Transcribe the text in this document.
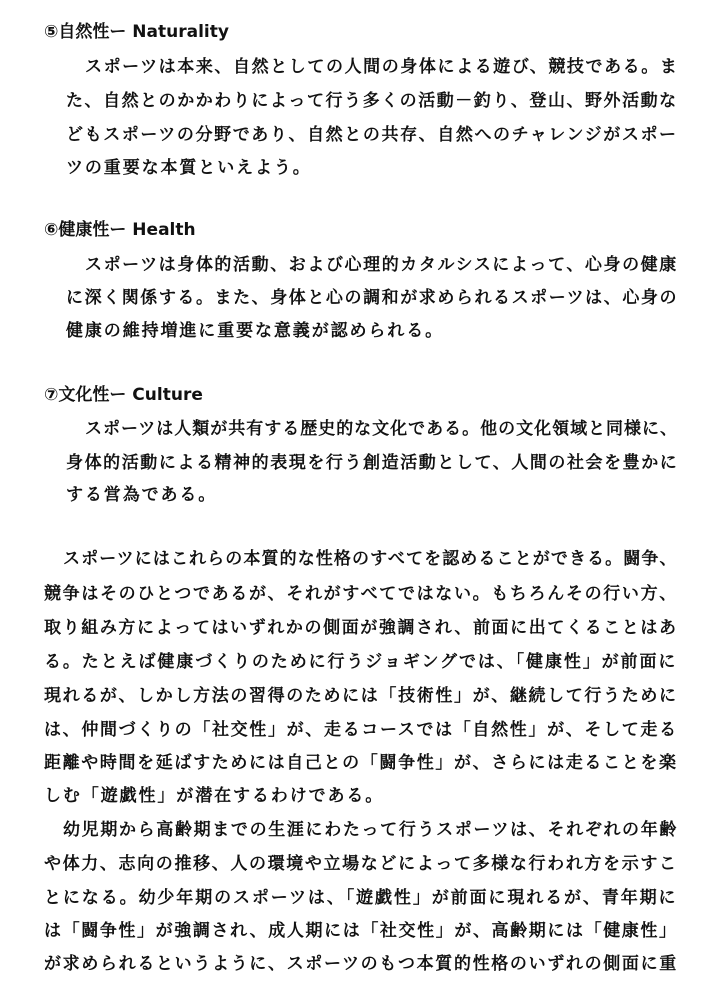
⑤自然性ー Naturality
スポーツは本来、自然としての人間の身体による遊び、競技である。ま
た、自然とのかかわりによって行う多くの活動－釣り、登山、野外活動な
どもスポーツの分野であり、自然との共存、自然へのチャレンジがスポー
ツの重要な本質といえよう。
⑥健康性ー Health
スポーツは身体的活動、および心理的カタルシスによって、心身の健康
に深く関係する。また、身体と心の調和が求められるスポーツは、心身の
健康の維持増進に重要な意義が認められる。
⑦文化性ー Culture
スポーツは人類が共有する歴史的な文化である。他の文化領域と同様に、
身体的活動による精神的表現を行う創造活動として、人間の社会を豊かに
する営為である。
スポーツにはこれらの本質的な性格のすべてを認めることができる。闘争、
競争はそのひとつであるが、それがすべてではない。もちろんその行い方、
取り組み方によってはいずれかの側面が強調され、前面に出てくることはあ
る。たとえば健康づくりのために行うジョギングでは、「健康性」が前面に
現れるが、しかし方法の習得のためには「技術性」が、継続して行うために
は、仲間づくりの「社交性」が、走るコースでは「自然性」が、そして走る
距離や時間を延ばすためには自己との「闘争性」が、さらには走ることを楽
しむ「遊戯性」が潜在するわけである。
幼児期から高齢期までの生涯にわたって行うスポーツは、それぞれの年齢
や体力、志向の推移、人の環境や立場などによって多様な行われ方を示すこ
とになる。幼少年期のスポーツは、「遊戯性」が前面に現れるが、青年期に
は「闘争性」が強調され、成人期には「社交性」が、高齢期には「健康性」
が求められるというように、スポーツのもつ本質的性格のいずれの側面に重
